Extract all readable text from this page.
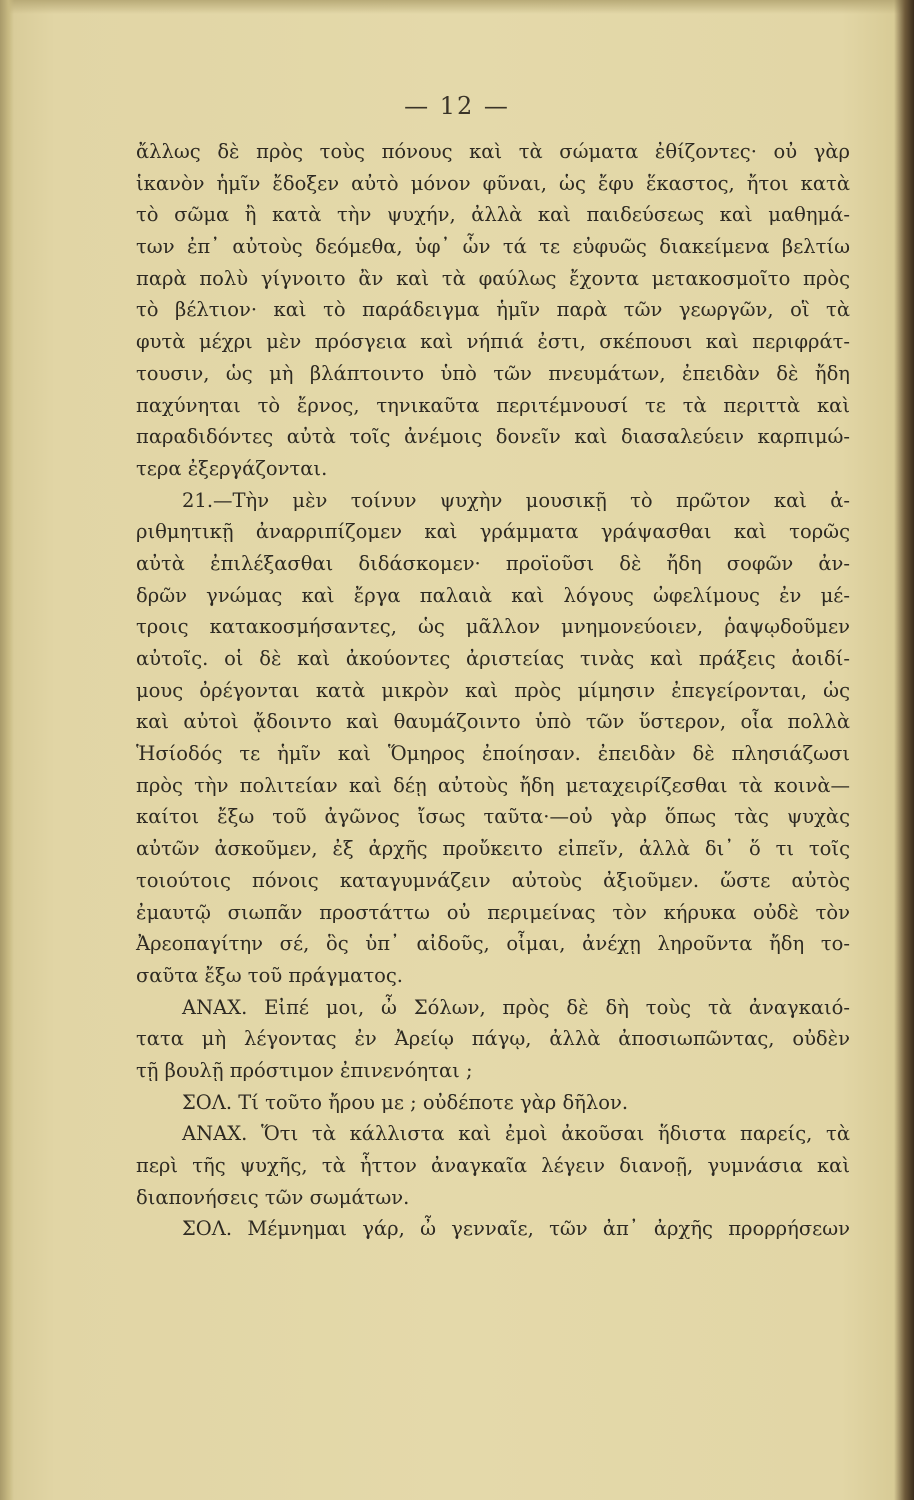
— 12 —
ἄλλως δὲ πρὸς τοὺς πόνους καὶ τὰ σώματα ἐθίζοντες· οὐ γὰρ
ἱκανὸν ἡμῖν ἔδοξεν αὐτὸ μόνον φῦναι, ὡς ἔφυ ἕκαστος, ἤτοι κατὰ
τὸ σῶμα ἢ κατὰ τὴν ψυχήν, ἀλλὰ καὶ παιδεύσεως καὶ μαθημά-
των ἐπ᾽ αὐτοὺς δεόμεθα, ὑφ᾽ ὧν τά τε εὐφυῶς διακείμενα βελτίω
παρὰ πολὺ γίγνοιτο ἂν καὶ τὰ φαύλως ἔχοντα μετακοσμοῖτο πρὸς
τὸ βέλτιον· καὶ τὸ παράδειγμα ἡμῖν παρὰ τῶν γεωργῶν, οἳ τὰ
φυτὰ μέχρι μὲν πρόσγεια καὶ νήπιά ἐστι, σκέπουσι καὶ περιφράτ-
τουσιν, ὡς μὴ βλάπτοιντο ὑπὸ τῶν πνευμάτων, ἐπειδὰν δὲ ἤδη
παχύνηται τὸ ἔρνος, τηνικαῦτα περιτέμνουσί τε τὰ περιττὰ καὶ
παραδιδόντες αὐτὰ τοῖς ἀνέμοις δονεῖν καὶ διασαλεύειν καρπιμώ-
τερα ἐξεργάζονται.
21.—Τὴν μὲν τοίνυν ψυχὴν μουσικῇ τὸ πρῶτον καὶ ἀ-
ριθμητικῇ ἀναρριπίζομεν καὶ γράμματα γράψασθαι καὶ τορῶς
αὐτὰ ἐπιλέξασθαι διδάσκομεν· προϊοῦσι δὲ ἤδη σοφῶν ἀν-
δρῶν γνώμας καὶ ἔργα παλαιὰ καὶ λόγους ὠφελίμους ἐν μέ-
τροις κατακοσμήσαντες, ὡς μᾶλλον μνημονεύοιεν, ῥαψῳδοῦμεν
αὐτοῖς. οἱ δὲ καὶ ἀκούοντες ἀριστείας τινὰς καὶ πράξεις ἀοιδί-
μους ὀρέγονται κατὰ μικρὸν καὶ πρὸς μίμησιν ἐπεγείρονται, ὡς
καὶ αὐτοὶ ᾄδοιντο καὶ θαυμάζοιντο ὑπὸ τῶν ὕστερον, οἷα πολλὰ
Ἡσίοδός τε ἡμῖν καὶ Ὅμηρος ἐποίησαν. ἐπειδὰν δὲ πλησιάζωσι
πρὸς τὴν πολιτείαν καὶ δέῃ αὐτοὺς ἤδη μεταχειρίζεσθαι τὰ κοινὰ—
καίτοι ἔξω τοῦ ἀγῶνος ἴσως ταῦτα·—οὐ γὰρ ὅπως τὰς ψυχὰς
αὐτῶν ἀσκοῦμεν, ἐξ ἀρχῆς προὔκειτο εἰπεῖν, ἀλλὰ δι᾽ ὅ τι τοῖς
τοιούτοις πόνοις καταγυμνάζειν αὐτοὺς ἀξιοῦμεν. ὥστε αὐτὸς
ἐμαυτῷ σιωπᾶν προστάττω οὐ περιμείνας τὸν κήρυκα οὐδὲ τὸν
Ἀρεοπαγίτην σέ, ὃς ὑπ᾽ αἰδοῦς, οἶμαι, ἀνέχῃ ληροῦντα ἤδη το-
σαῦτα ἔξω τοῦ πράγματος.
ΑΝΑΧ. Εἰπέ μοι, ὦ Σόλων, πρὸς δὲ δὴ τοὺς τὰ ἀναγκαιό-
τατα μὴ λέγοντας ἐν Ἀρείῳ πάγῳ, ἀλλὰ ἀποσιωπῶντας, οὐδὲν
τῇ βουλῇ πρόστιμον ἐπινενόηται ;
ΣΟΛ. Τί τοῦτο ἤρου με ; οὐδέποτε γὰρ δῆλον.
ΑΝΑΧ. Ὅτι τὰ κάλλιστα καὶ ἐμοὶ ἀκοῦσαι ἥδιστα παρείς, τὰ
περὶ τῆς ψυχῆς, τὰ ἧττον ἀναγκαῖα λέγειν διανοῇ, γυμνάσια καὶ
διαπονήσεις τῶν σωμάτων.
ΣΟΛ. Μέμνημαι γάρ, ὦ γενναῖε, τῶν ἀπ᾽ ἀρχῆς προρρήσεων
